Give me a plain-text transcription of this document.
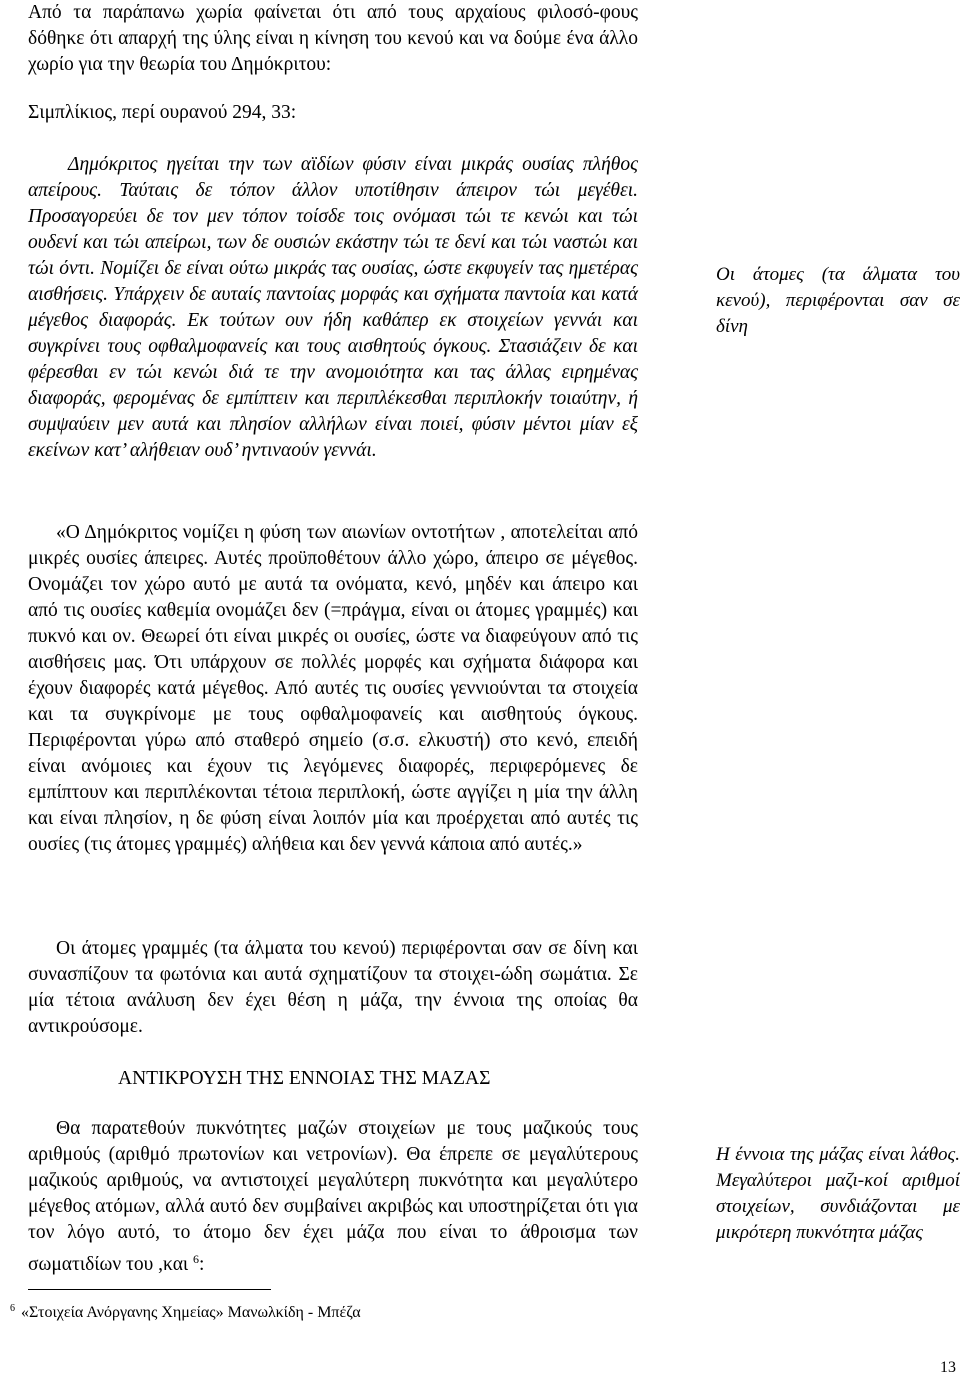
Από τα παράπανω χωρία φαίνεται ότι από τους αρχαίους φιλοσό-φους δόθηκε ότι απαρχή της ύλης είναι η κίνηση του κενού και να δούμε ένα άλλο χωρίο για την θεωρία του Δημόκριτου:

Σιμπλίκιος, περί ουρανού 294, 33:

Δημόκριτος ηγείται την των αϊδίων φύσιν είναι μικράς ουσίας πλήθος απείρους. Ταύταις δε τόπον άλλον υποτίθησιν άπειρον τώι μεγέθει. Προσαγορεύει δε τον μεν τόπον τοίσδε τοις ονόμασι τώι τε κενώι και τώι ουδενί και τώι απείρωι, των δε ουσιών εκάστην τώι τε δενί και τώι ναστώι και τώι όντι. Νομίζει δε είναι ούτω μικράς τας ουσίας, ώστε εκφυγείν τας ημετέρας αισθήσεις. Υπάρχειν δε αυταίς παντοίας μορφάς και σχήματα παντοία και κατά μέγεθος διαφοράς. Εκ τούτων ουν ήδη καθάπερ εκ στοιχείων γεννάι και συγκρίνει τους οφθαλμοφανείς και τους αισθητούς όγκους. Στασιάζειν δε και φέρεσθαι εν τώι κενώι διά τε την ανομοιότητα και τας άλλας ειρημένας διαφοράς, φερομένας δε εμπίπτειν και περιπλέκεσθαι περιπλοκήν τοιαύτην, ή συμψαύειν μεν αυτά και πλησίον αλλήλων είναι ποιεί, φύσιν μέντοι μίαν εξ εκείνων κατ’ αλήθειαν ουδ’ ηντιναούν γεννάι.

Οι άτομες (τα άλματα του κενού), περιφέρονται σαν σε δίνη

«Ο Δημόκριτος νομίζει η φύση των αιωνίων οντοτήτων , αποτελείται από μικρές ουσίες άπειρες. Αυτές προϋποθέτουν άλλο χώρο, άπειρο σε μέγεθος. Ονομάζει τον χώρο αυτό με αυτά τα ονόματα, κενό, μηδέν και άπειρο και από τις ουσίες καθεμία ονομάζει δεν (=πράγμα, είναι οι άτομες γραμμές) και πυκνό και ον. Θεωρεί ότι είναι μικρές οι ουσίες, ώστε να διαφεύγουν από τις αισθήσεις μας. Ότι υπάρχουν σε πολλές μορφές και σχήματα διάφορα και έχουν διαφορές κατά μέγεθος. Από αυτές τις ουσίες γεννιούνται τα στοιχεία και τα συγκρίνομε με τους οφθαλμοφανείς και αισθητούς όγκους. Περιφέρονται γύρω από σταθερό σημείο (σ.σ. ελκυστή) στο κενό, επειδή είναι ανόμοιες και έχουν τις λεγόμενες διαφορές, περιφερόμενες δε εμπίπτουν και περιπλέκονται τέτοια περιπλοκή, ώστε αγγίζει η μία την άλλη και είναι πλησίον, η δε φύση είναι λοιπόν μία και προέρχεται από αυτές τις ουσίες (τις άτομες γραμμές) αλήθεια και δεν γεννά κάποια από αυτές.»

Οι άτομες γραμμές (τα άλματα του κενού) περιφέρονται σαν σε δίνη και συνασπίζουν τα φωτόνια και αυτά σχηματίζουν τα στοιχει-ώδη σωμάτια. Σε μία τέτοια ανάλυση δεν έχει θέση η μάζα, την έννοια της οποίας θα αντικρούσομε.

ΑΝΤΙΚΡΟΥΣΗ ΤΗΣ ΕΝΝΟΙΑΣ ΤΗΣ ΜΑΖΑΣ

Θα παρατεθούν πυκνότητες μαζών στοιχείων με τους μαζικούς τους αριθμούς (αριθμό πρωτονίων και νετρονίων). Θα έπρεπε σε μεγαλύτερους μαζικούς αριθμούς, να αντιστοιχεί μεγαλύτερη πυκνότητα και μεγαλύτερο μέγεθος ατόμων, αλλά αυτό δεν συμβαίνει ακριβώς και υποστηρίζεται ότι για τον λόγο αυτό, το άτομο δεν έχει μάζα που είναι το άθροισμα των σωματιδίων του ,και $^6$:

Η έννοια της μάζας είναι λάθος. Μεγαλύτεροι μαζι-κοί αριθμοί στοιχείων, συνδιάζονται με μικρότερη πυκνότητα μάζας
$^6$ «Στοιχεία Ανόργανης Χημείας» Μανωλκίδη - Μπέζα
13
